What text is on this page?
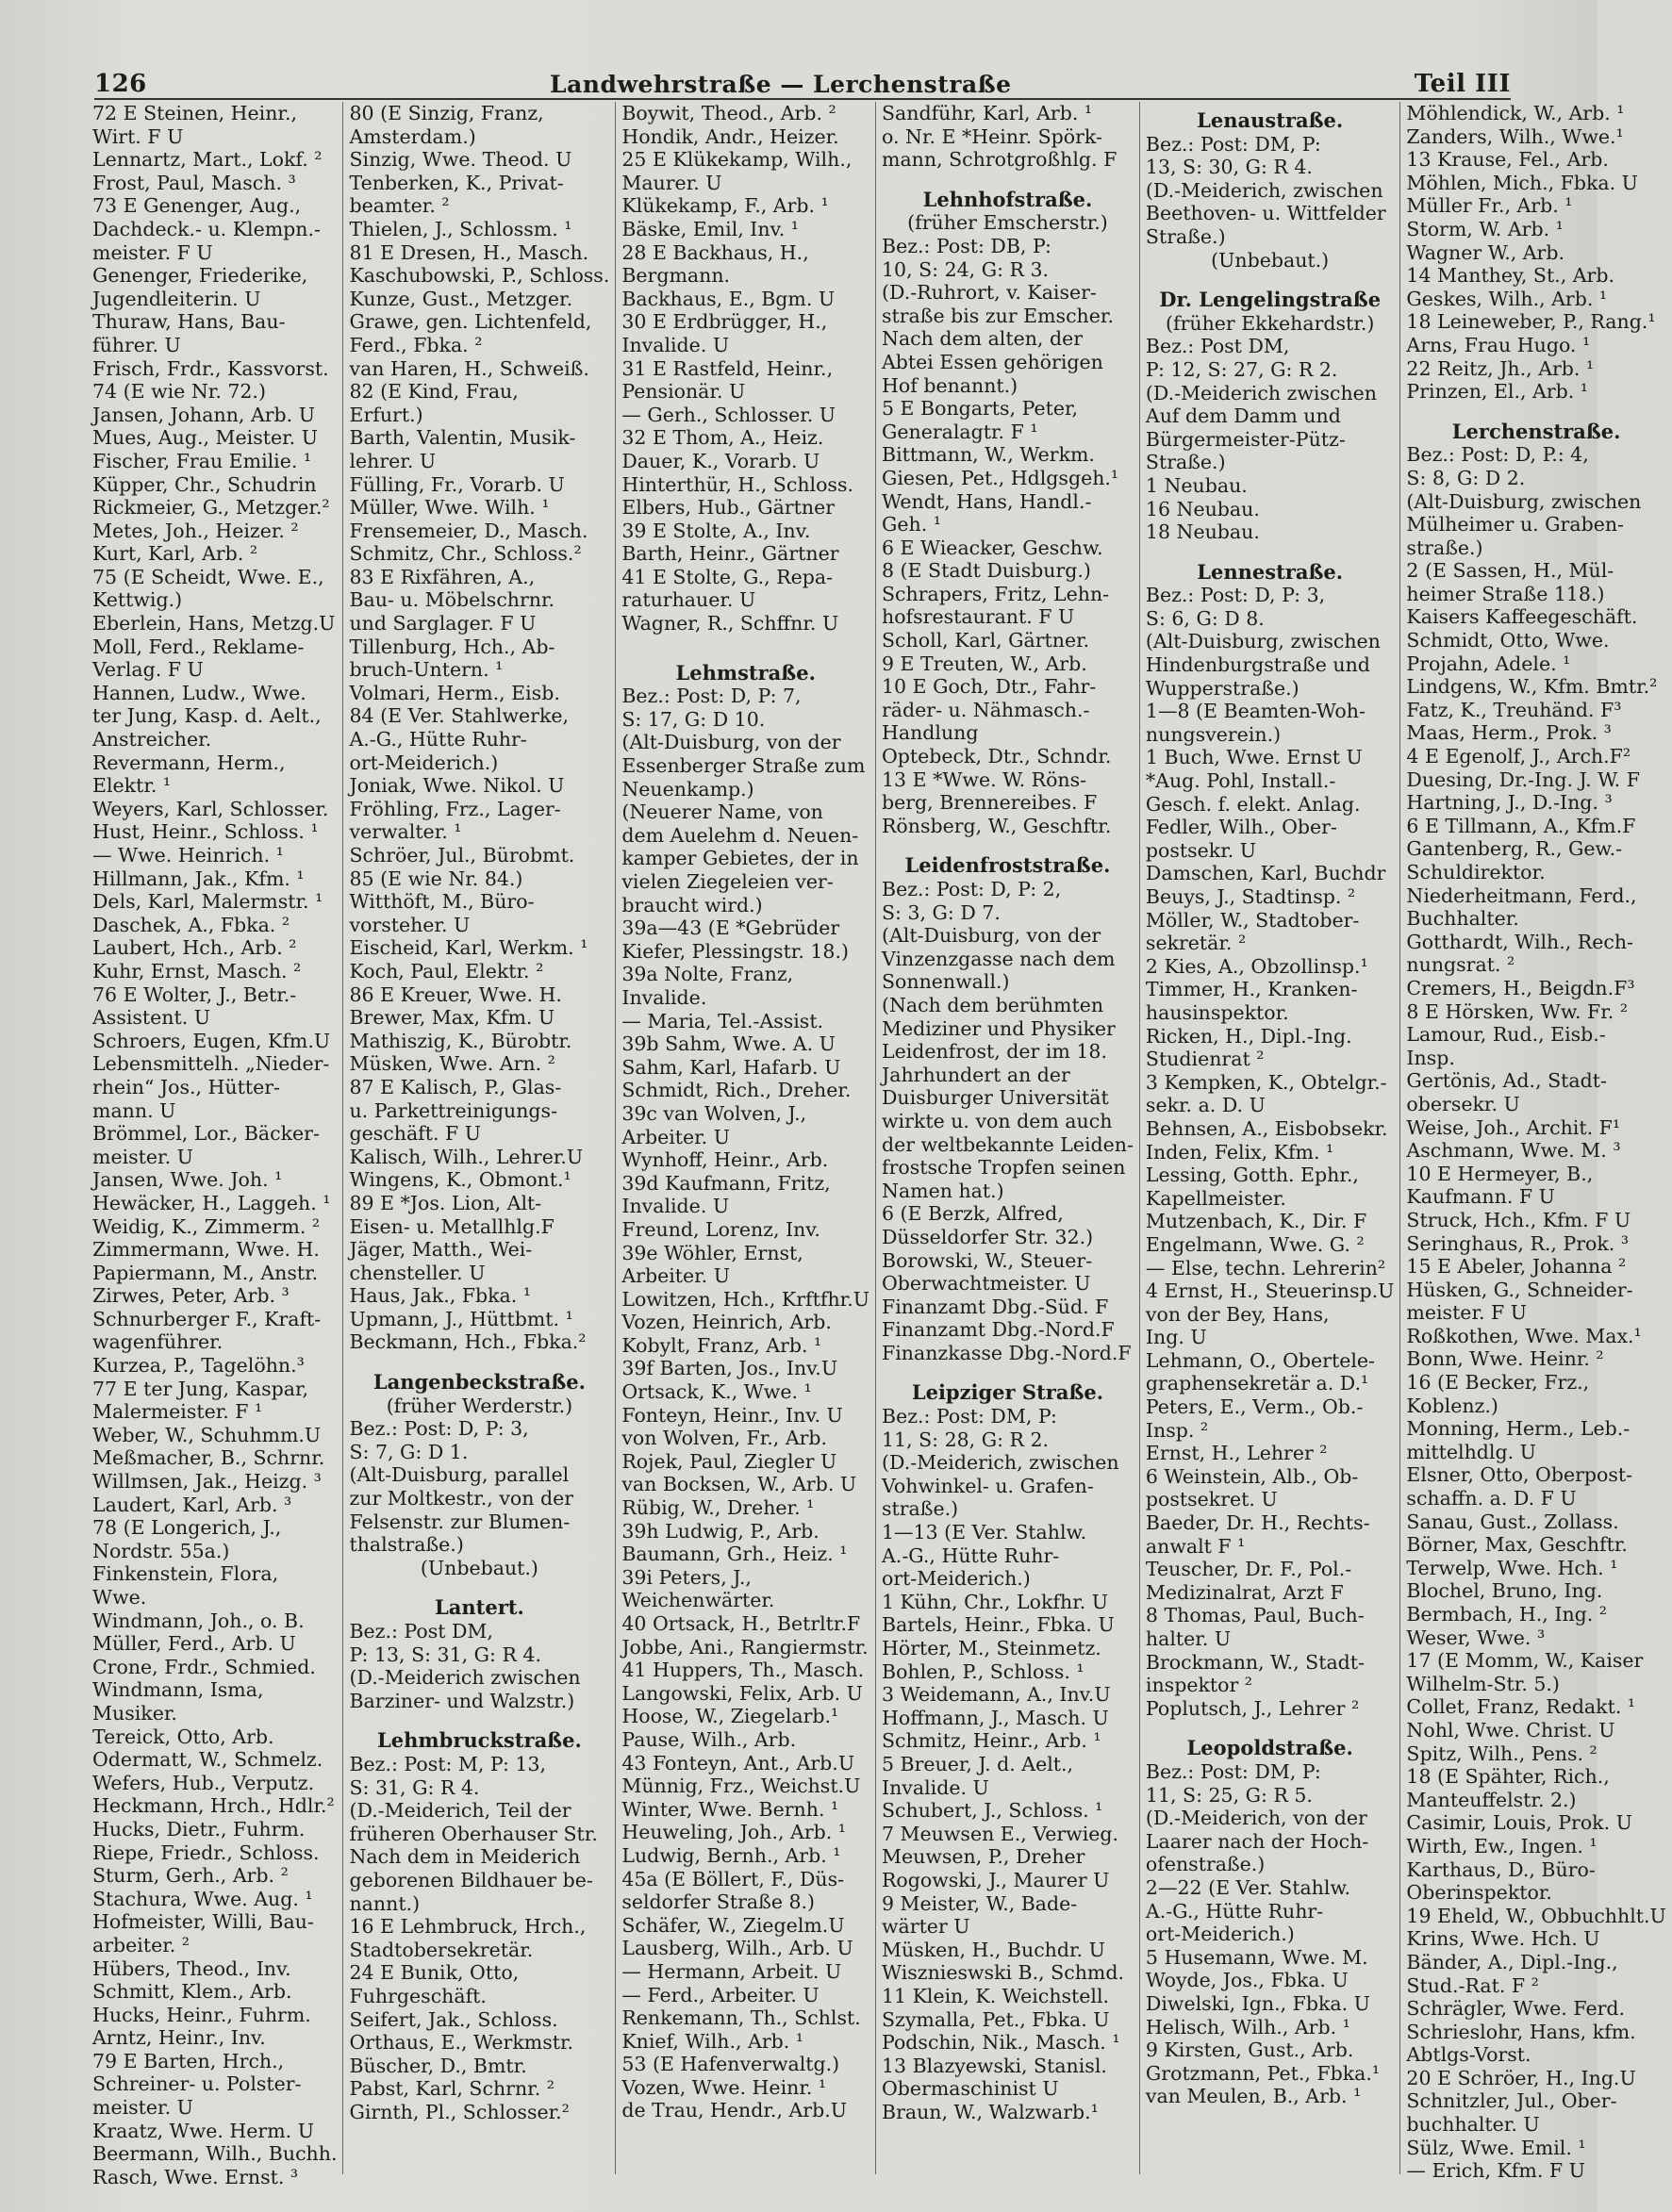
126	Landwehrstraße — Lerchenstraße	Teil III
72 E Steinen, Heinr.,
Wirt. F U
Lennartz, Mart., Lokf. ²
Frost, Paul, Masch. ³
73 E Genenger, Aug.,
Dachdeck.- u. Klempn.-
meister. F U
Genenger, Friederike,
Jugendleiterin. U
Thuraw, Hans, Bau-
führer. U
Frisch, Frdr., Kassvorst.
74 (E wie Nr. 72.)
Jansen, Johann, Arb. U
Mues, Aug., Meister. U
Fischer, Frau Emilie. ¹
Küpper, Chr., Schudrin
Rickmeier, G., Metzger.²
Metes, Joh., Heizer. ²
Kurt, Karl, Arb. ²
75 (E Scheidt, Wwe. E.,
Kettwig.)
Eberlein, Hans, Metzg.U
Moll, Ferd., Reklame-
Verlag. F U
Hannen, Ludw., Wwe.
ter Jung, Kasp. d. Aelt.,
Anstreicher.
Revermann, Herm.,
Elektr. ¹
Weyers, Karl, Schlosser.
Hust, Heinr., Schloss. ¹
— Wwe. Heinrich. ¹
Hillmann, Jak., Kfm. ¹
Dels, Karl, Malermstr. ¹
Daschek, A., Fbka. ²
Laubert, Hch., Arb. ²
Kuhr, Ernst, Masch. ²
76 E Wolter, J., Betr.-
Assistent. U
Schroers, Eugen, Kfm.U
Lebensmittelh. „Nieder-
rhein“ Jos., Hütter-
mann. U
Brömmel, Lor., Bäcker-
meister. U
Jansen, Wwe. Joh. ¹
Hewäcker, H., Laggeh. ¹
Weidig, K., Zimmerm. ²
Zimmermann, Wwe. H.
Papiermann, M., Anstr.
Zirwes, Peter, Arb. ³
Schnurberger F., Kraft-
wagenführer.
Kurzea, P., Tagelöhn.³
77 E ter Jung, Kaspar,
Malermeister. F ¹
Weber, W., Schuhmm.U
Meßmacher, B., Schrnr.
Willmsen, Jak., Heizg. ³
Laudert, Karl, Arb. ³
78 (E Longerich, J.,
Nordstr. 55a.)
Finkenstein, Flora,
Wwe.
Windmann, Joh., o. B.
Müller, Ferd., Arb. U
Crone, Frdr., Schmied.
Windmann, Isma,
Musiker.
Tereick, Otto, Arb.
Odermatt, W., Schmelz.
Wefers, Hub., Verputz.
Heckmann, Hrch., Hdlr.²
Hucks, Dietr., Fuhrm.
Riepe, Friedr., Schloss.
Sturm, Gerh., Arb. ²
Stachura, Wwe. Aug. ¹
Hofmeister, Willi, Bau-
arbeiter. ²
Hübers, Theod., Inv.
Schmitt, Klem., Arb.
Hucks, Heinr., Fuhrm.
Arntz, Heinr., Inv.
79 E Barten, Hrch.,
Schreiner- u. Polster-
meister. U
Kraatz, Wwe. Herm. U
Beermann, Wilh., Buchh.
Rasch, Wwe. Ernst. ³
80 (E Sinzig, Franz,
Amsterdam.)
Sinzig, Wwe. Theod. U
Tenberken, K., Privat-
beamter. ²
Thielen, J., Schlossm. ¹
81 E Dresen, H., Masch.
Kaschubowski, P., Schloss.
Kunze, Gust., Metzger.
Grawe, gen. Lichtenfeld,
Ferd., Fbka. ²
van Haren, H., Schweiß.
82 (E Kind, Frau,
Erfurt.)
Barth, Valentin, Musik-
lehrer. U
Fülling, Fr., Vorarb. U
Müller, Wwe. Wilh. ¹
Frensemeier, D., Masch.
Schmitz, Chr., Schloss.²
83 E Rixfähren, A.,
Bau- u. Möbelschrnr.
und Sarglager. F U
Tillenburg, Hch., Ab-
bruch-Untern. ¹
Volmari, Herm., Eisb.
84 (E Ver. Stahlwerke,
A.-G., Hütte Ruhr-
ort-Meiderich.)
Joniak, Wwe. Nikol. U
Fröhling, Frz., Lager-
verwalter. ¹
Schröer, Jul., Bürobmt.
85 (E wie Nr. 84.)
Witthöft, M., Büro-
vorsteher. U
Eischeid, Karl, Werkm. ¹
Koch, Paul, Elektr. ²
86 E Kreuer, Wwe. H.
Brewer, Max, Kfm. U
Mathiszig, K., Bürobtr.
Müsken, Wwe. Arn. ²
87 E Kalisch, P., Glas-
u. Parkettreinigungs-
geschäft. F U
Kalisch, Wilh., Lehrer.U
Wingens, K., Obmont.¹
89 E *Jos. Lion, Alt-
Eisen- u. Metallhlg.F
Jäger, Matth., Wei-
chensteller. U
Haus, Jak., Fbka. ¹
Upmann, J., Hüttbmt. ¹
Beckmann, Hch., Fbka.²
Langenbeckstraße.
(früher Werderstr.)
Bez.: Post: D, P: 3,
S: 7, G: D 1.
(Alt-Duisburg, parallel
zur Moltkestr., von der
Felsenstr. zur Blumen-
thalstraße.)
(Unbebaut.)
Lantert.
Bez.: Post DM,
P: 13, S: 31, G: R 4.
(D.-Meiderich zwischen
Barziner- und Walzstr.)
Lehmbruckstraße.
Bez.: Post: M, P: 13,
S: 31, G: R 4.
(D.-Meiderich, Teil der
früheren Oberhauser Str.
Nach dem in Meiderich
geborenen Bildhauer be-
nannt.)
16 E Lehmbruck, Hrch.,
Stadtobersekretär.
24 E Bunik, Otto,
Fuhrgeschäft.
Seifert, Jak., Schloss.
Orthaus, E., Werkmstr.
Büscher, D., Bmtr.
Pabst, Karl, Schrnr. ²
Girnth, Pl., Schlosser.²
Boywit, Theod., Arb. ²
Hondik, Andr., Heizer.
25 E Klükekamp, Wilh.,
Maurer. U
Klükekamp, F., Arb. ¹
Bäske, Emil, Inv. ¹
28 E Backhaus, H.,
Bergmann.
Backhaus, E., Bgm. U
30 E Erdbrügger, H.,
Invalide. U
31 E Rastfeld, Heinr.,
Pensionär. U
— Gerh., Schlosser. U
32 E Thom, A., Heiz.
Dauer, K., Vorarb. U
Hinterthür, H., Schloss.
Elbers, Hub., Gärtner
39 E Stolte, A., Inv.
Barth, Heinr., Gärtner
41 E Stolte, G., Repa-
raturhauer. U
Wagner, R., Schffnr. U
Lehmstraße.
Bez.: Post: D, P: 7,
S: 17, G: D 10.
(Alt-Duisburg, von der
Essenberger Straße zum
Neuenkamp.)
(Neuerer Name, von
dem Auelehm d. Neuen-
kamper Gebietes, der in
vielen Ziegeleien ver-
braucht wird.)
39a—43 (E *Gebrüder
Kiefer, Plessingstr. 18.)
39a Nolte, Franz,
Invalide.
— Maria, Tel.-Assist.
39b Sahm, Wwe. A. U
Sahm, Karl, Hafarb. U
Schmidt, Rich., Dreher.
39c van Wolven, J.,
Arbeiter. U
Wynhoff, Heinr., Arb.
39d Kaufmann, Fritz,
Invalide. U
Freund, Lorenz, Inv.
39e Wöhler, Ernst,
Arbeiter. U
Lowitzen, Hch., Krftfhr.U
Vozen, Heinrich, Arb.
Kobylt, Franz, Arb. ¹
39f Barten, Jos., Inv.U
Ortsack, K., Wwe. ¹
Fonteyn, Heinr., Inv. U
von Wolven, Fr., Arb.
Rojek, Paul, Ziegler U
van Bocksen, W., Arb. U
Rübig, W., Dreher. ¹
39h Ludwig, P., Arb.
Baumann, Grh., Heiz. ¹
39i Peters, J.,
Weichenwärter.
40 Ortsack, H., Betrltr.F
Jobbe, Ani., Rangiermstr.
41 Huppers, Th., Masch.
Langowski, Felix, Arb. U
Hoose, W., Ziegelarb.¹
Pause, Wilh., Arb.
43 Fonteyn, Ant., Arb.U
Münnig, Frz., Weichst.U
Winter, Wwe. Bernh. ¹
Heuweling, Joh., Arb. ¹
Ludwig, Bernh., Arb. ¹
45a (E Böllert, F., Düs-
seldorfer Straße 8.)
Schäfer, W., Ziegelm.U
Lausberg, Wilh., Arb. U
— Hermann, Arbeit. U
— Ferd., Arbeiter. U
Renkemann, Th., Schlst.
Knief, Wilh., Arb. ¹
53 (E Hafenverwaltg.)
Vozen, Wwe. Heinr. ¹
de Trau, Hendr., Arb.U
Sandführ, Karl, Arb. ¹
o. Nr. E *Heinr. Spörk-
mann, Schrotgroßhlg. F
Lehnhofstraße.
(früher Emscherstr.)
Bez.: Post: DB, P:
10, S: 24, G: R 3.
(D.-Ruhrort, v. Kaiser-
straße bis zur Emscher.
Nach dem alten, der
Abtei Essen gehörigen
Hof benannt.)
5 E Bongarts, Peter,
Generalagtr. F ¹
Bittmann, W., Werkm.
Giesen, Pet., Hdlgsgeh.¹
Wendt, Hans, Handl.-
Geh. ¹
6 E Wieacker, Geschw.
8 (E Stadt Duisburg.)
Schrapers, Fritz, Lehn-
hofsrestaurant. F U
Scholl, Karl, Gärtner.
9 E Treuten, W., Arb.
10 E Goch, Dtr., Fahr-
räder- u. Nähmasch.-
Handlung
Optebeck, Dtr., Schndr.
13 E *Wwe. W. Röns-
berg, Brennereibes. F
Rönsberg, W., Geschftr.
Leidenfroststraße.
Bez.: Post: D, P: 2,
S: 3, G: D 7.
(Alt-Duisburg, von der
Vinzenzgasse nach dem
Sonnenwall.)
(Nach dem berühmten
Mediziner und Physiker
Leidenfrost, der im 18.
Jahrhundert an der
Duisburger Universität
wirkte u. von dem auch
der weltbekannte Leiden-
frostsche Tropfen seinen
Namen hat.)
6 (E Berzk, Alfred,
Düsseldorfer Str. 32.)
Borowski, W., Steuer-
Oberwachtmeister. U
Finanzamt Dbg.-Süd. F
Finanzamt Dbg.-Nord.F
Finanzkasse Dbg.-Nord.F
Leipziger Straße.
Bez.: Post: DM, P:
11, S: 28, G: R 2.
(D.-Meiderich, zwischen
Vohwinkel- u. Grafen-
straße.)
1—13 (E Ver. Stahlw.
A.-G., Hütte Ruhr-
ort-Meiderich.)
1 Kühn, Chr., Lokfhr. U
Bartels, Heinr., Fbka. U
Hörter, M., Steinmetz.
Bohlen, P., Schloss. ¹
3 Weidemann, A., Inv.U
Hoffmann, J., Masch. U
Schmitz, Heinr., Arb. ¹
5 Breuer, J. d. Aelt.,
Invalide. U
Schubert, J., Schloss. ¹
7 Meuwsen E., Verwieg.
Meuwsen, P., Dreher
Rogowski, J., Maurer U
9 Meister, W., Bade-
wärter U
Müsken, H., Buchdr. U
Wisznieswski B., Schmd.
11 Klein, K. Weichstell.
Szymalla, Pet., Fbka. U
Podschin, Nik., Masch. ¹
13 Blazyewski, Stanisl.
Obermaschinist U
Braun, W., Walzwarb.¹
Lenaustraße.
Bez.: Post: DM, P:
13, S: 30, G: R 4.
(D.-Meiderich, zwischen
Beethoven- u. Wittfelder
Straße.)
(Unbebaut.)
Dr. Lengelingstraße
(früher Ekkehardstr.)
Bez.: Post DM,
P: 12, S: 27, G: R 2.
(D.-Meiderich zwischen
Auf dem Damm und
Bürgermeister-Pütz-
Straße.)
1 Neubau.
16 Neubau.
18 Neubau.
Lennestraße.
Bez.: Post: D, P: 3,
S: 6, G: D 8.
(Alt-Duisburg, zwischen
Hindenburgstraße und
Wupperstraße.)
1—8 (E Beamten-Woh-
nungsverein.)
1 Buch, Wwe. Ernst U
*Aug. Pohl, Install.-
Gesch. f. elekt. Anlag.
Fedler, Wilh., Ober-
postsekr. U
Damschen, Karl, Buchdr
Beuys, J., Stadtinsp. ²
Möller, W., Stadtober-
sekretär. ²
2 Kies, A., Obzollinsp.¹
Timmer, H., Kranken-
hausinspektor.
Ricken, H., Dipl.-Ing.
Studienrat ²
3 Kempken, K., Obtelgr.-
sekr. a. D. U
Behnsen, A., Eisbobsekr.
Inden, Felix, Kfm. ¹
Lessing, Gotth. Ephr.,
Kapellmeister.
Mutzenbach, K., Dir. F
Engelmann, Wwe. G. ²
— Else, techn. Lehrerin²
4 Ernst, H., Steuerinsp.U
von der Bey, Hans,
Ing. U
Lehmann, O., Obertele-
graphensekretär a. D.¹
Peters, E., Verm., Ob.-
Insp. ²
Ernst, H., Lehrer ²
6 Weinstein, Alb., Ob-
postsekret. U
Baeder, Dr. H., Rechts-
anwalt F ¹
Teuscher, Dr. F., Pol.-
Medizinalrat, Arzt F
8 Thomas, Paul, Buch-
halter. U
Brockmann, W., Stadt-
inspektor ²
Poplutsch, J., Lehrer ²
Leopoldstraße.
Bez.: Post: DM, P:
11, S: 25, G: R 5.
(D.-Meiderich, von der
Laarer nach der Hoch-
ofenstraße.)
2—22 (E Ver. Stahlw.
A.-G., Hütte Ruhr-
ort-Meiderich.)
5 Husemann, Wwe. M.
Woyde, Jos., Fbka. U
Diwelski, Ign., Fbka. U
Helisch, Wilh., Arb. ¹
9 Kirsten, Gust., Arb.
Grotzmann, Pet., Fbka.¹
van Meulen, B., Arb. ¹
Möhlendick, W., Arb. ¹
Zanders, Wilh., Wwe.¹
13 Krause, Fel., Arb.
Möhlen, Mich., Fbka. U
Müller Fr., Arb. ¹
Storm, W. Arb. ¹
Wagner W., Arb.
14 Manthey, St., Arb.
Geskes, Wilh., Arb. ¹
18 Leineweber, P., Rang.¹
Arns, Frau Hugo. ¹
22 Reitz, Jh., Arb. ¹
Prinzen, El., Arb. ¹
Lerchenstraße.
Bez.: Post: D, P.: 4,
S: 8, G: D 2.
(Alt-Duisburg, zwischen
Mülheimer u. Graben-
straße.)
2 (E Sassen, H., Mül-
heimer Straße 118.)
Kaisers Kaffeegeschäft.
Schmidt, Otto, Wwe.
Projahn, Adele. ¹
Lindgens, W., Kfm. Bmtr.²
Fatz, K., Treuhänd. F³
Maas, Herm., Prok. ³
4 E Egenolf, J., Arch.F²
Duesing, Dr.-Ing. J. W. F
Hartning, J., D.-Ing. ³
6 E Tillmann, A., Kfm.F
Gantenberg, R., Gew.-
Schuldirektor.
Niederheitmann, Ferd.,
Buchhalter.
Gotthardt, Wilh., Rech-
nungsrat. ²
Cremers, H., Beigdn.F³
8 E Hörsken, Ww. Fr. ²
Lamour, Rud., Eisb.-
Insp.
Gertönis, Ad., Stadt-
obersekr. U
Weise, Joh., Archit. F¹
Aschmann, Wwe. M. ³
10 E Hermeyer, B.,
Kaufmann. F U
Struck, Hch., Kfm. F U
Seringhaus, R., Prok. ³
15 E Abeler, Johanna ²
Hüsken, G., Schneider-
meister. F U
Roßkothen, Wwe. Max.¹
Bonn, Wwe. Heinr. ²
16 (E Becker, Frz.,
Koblenz.)
Monning, Herm., Leb.-
mittelhdlg. U
Elsner, Otto, Oberpost-
schaffn. a. D. F U
Sanau, Gust., Zollass.
Börner, Max, Geschftr.
Terwelp, Wwe. Hch. ¹
Blochel, Bruno, Ing.
Bermbach, H., Ing. ²
Weser, Wwe. ³
17 (E Momm, W., Kaiser
Wilhelm-Str. 5.)
Collet, Franz, Redakt. ¹
Nohl, Wwe. Christ. U
Spitz, Wilh., Pens. ²
18 (E Spähter, Rich.,
Manteuffelstr. 2.)
Casimir, Louis, Prok. U
Wirth, Ew., Ingen. ¹
Karthaus, D., Büro-
Oberinspektor.
19 Eheld, W., Obbuchhlt.U
Krins, Wwe. Hch. U
Bänder, A., Dipl.-Ing.,
Stud.-Rat. F ²
Schrägler, Wwe. Ferd.
Schrieslohr, Hans, kfm.
Abtlgs-Vorst.
20 E Schröer, H., Ing.U
Schnitzler, Jul., Ober-
buchhalter. U
Sülz, Wwe. Emil. ¹
— Erich, Kfm. F U
